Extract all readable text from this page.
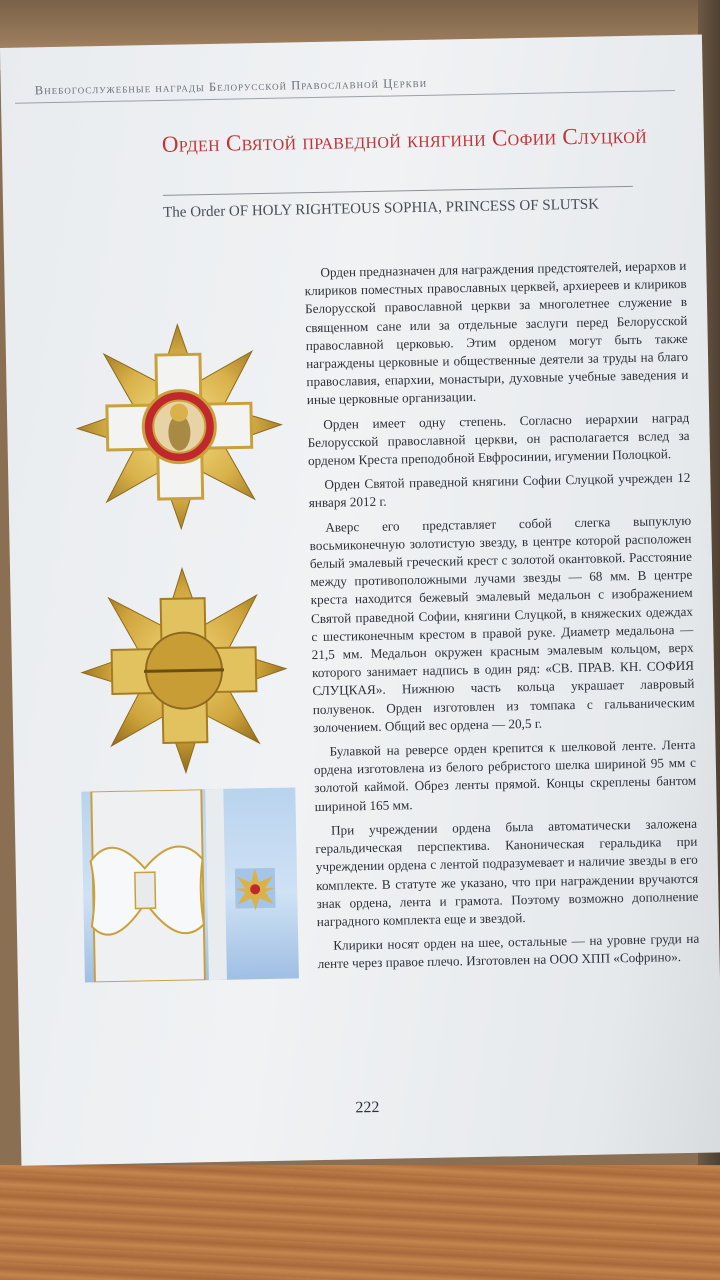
Внебогослужебные награды Белорусской Православной Церкви
Орден Святой праведной княгини Софии Слуцкой
The Order OF HOLY RIGHTEOUS SOPHIA, PRINCESS OF SLUTSK

Орден предназначен для награждения предстоятелей, иерархов и клириков поместных православных церквей, архиереев и клириков Белорусской православной церкви за многолетнее служение в священном сане или за отдельные заслуги перед Белорусской православной церковью. Этим орденом могут быть также награждены церковные и общественные деятели за труды на благо православия, епархии, монастыри, духовные учебные заведения и иные церковные организации.

Орден имеет одну степень. Согласно иерархии наград Белорусской православной церкви, он располагается вслед за орденом Креста преподобной Евфросинии, игумении Полоцкой.

Орден Святой праведной княгини Софии Слуцкой учрежден 12 января 2012 г.

Аверс его представляет собой слегка выпуклую восьмиконечную золотистую звезду, в центре которой расположен белый эмалевый греческий крест с золотой окантовкой. Расстояние между противоположными лучами звезды — 68 мм. В центре креста находится бежевый эмалевый медальон с изображением Святой праведной Софии, княгини Слуцкой, в княжеских одеждах с шестиконечным крестом в правой руке. Диаметр медальона — 21,5 мм. Медальон окружен красным эмалевым кольцом, верх которого занимает надпись в один ряд: «СВ. ПРАВ. КН. СОФИЯ СЛУЦКАЯ». Нижнюю часть кольца украшает лавровый полувенок. Орден изготовлен из томпака с гальваническим золочением. Общий вес ордена — 20,5 г.

Булавкой на реверсе орден крепится к шелковой ленте. Лента ордена изготовлена из белого ребристого шелка шириной 95 мм с золотой каймой. Обрез ленты прямой. Концы скреплены бантом шириной 165 мм.

При учреждении ордена была автоматически заложена геральдическая перспектива. Каноническая геральдика при учреждении ордена с лентой подразумевает и наличие звезды в его комплекте. В статуте же указано, что при награждении вручаются знак ордена, лента и грамота. Поэтому возможно дополнение наградного комплекта еще и звездой.

Клирики носят орден на шее, остальные — на уровне груди на ленте через правое плечо. Изготовлен на ООО ХПП «Софрино».

222
